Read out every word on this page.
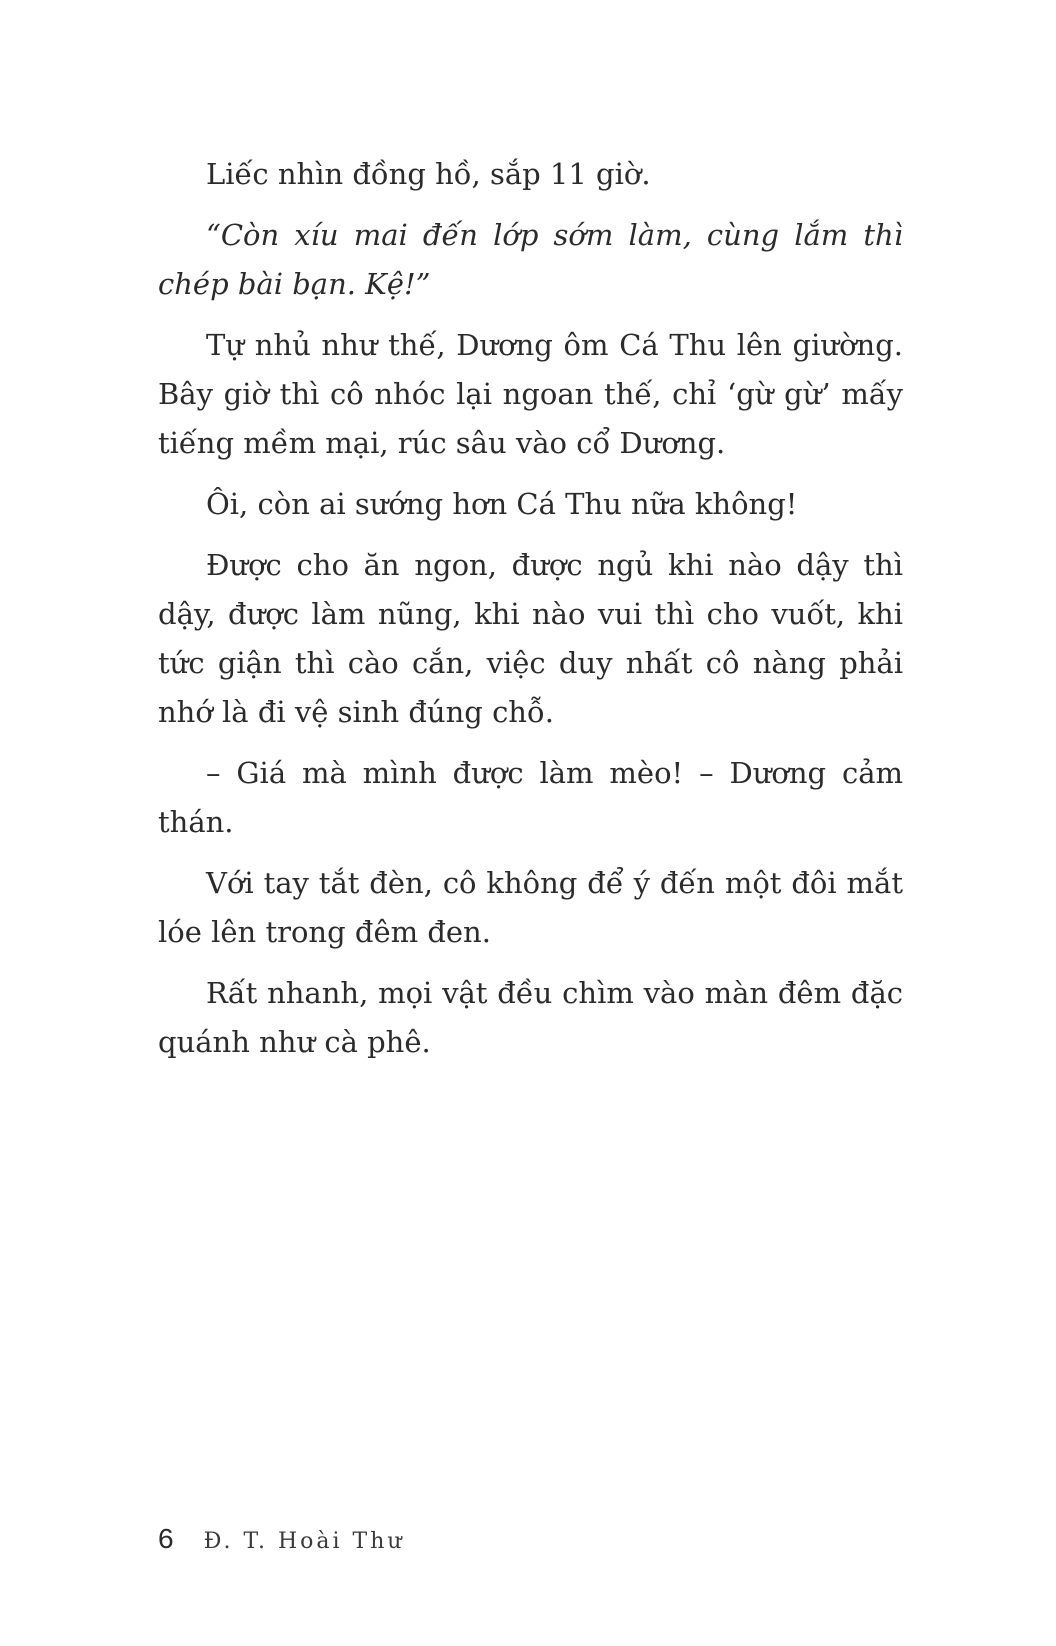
Liếc nhìn đồng hồ, sắp 11 giờ.

“Còn xíu mai đến lớp sớm làm, cùng lắm thì chép bài bạn. Kệ!”

Tự nhủ như thế, Dương ôm Cá Thu lên giường. Bây giờ thì cô nhóc lại ngoan thế, chỉ ‘gừ gừ’ mấy tiếng mềm mại, rúc sâu vào cổ Dương.

Ôi, còn ai sướng hơn Cá Thu nữa không!

Được cho ăn ngon, được ngủ khi nào dậy thì dậy, được làm nũng, khi nào vui thì cho vuốt, khi tức giận thì cào cắn, việc duy nhất cô nàng phải nhớ là đi vệ sinh đúng chỗ.

– Giá mà mình được làm mèo! – Dương cảm thán.

Với tay tắt đèn, cô không để ý đến một đôi mắt lóe lên trong đêm đen.

Rất nhanh, mọi vật đều chìm vào màn đêm đặc quánh như cà phê.

6 Đ. T. Hoài Thư
